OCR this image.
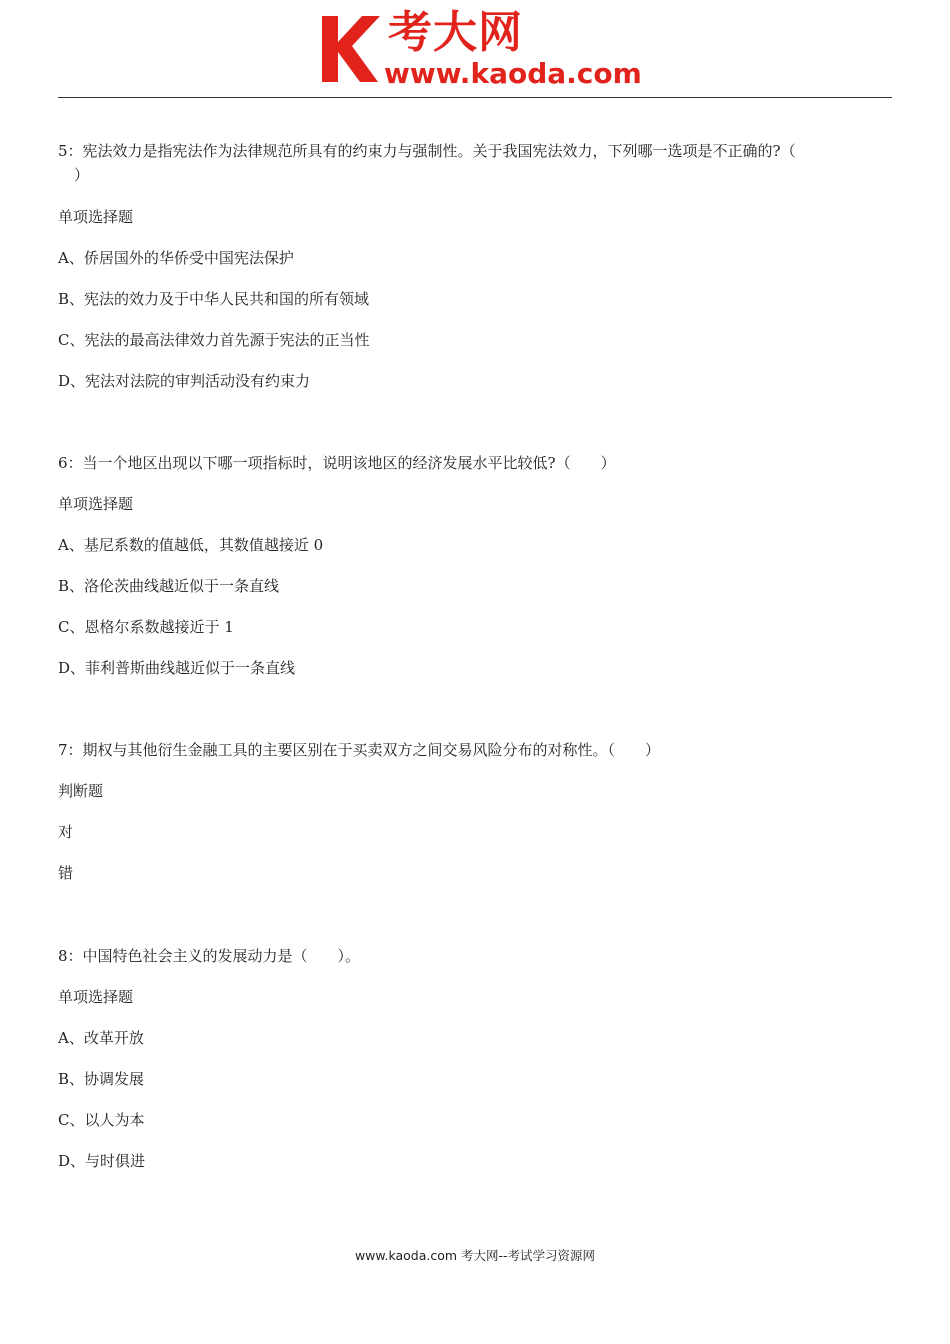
考大网
www.kaoda.com
5：宪法效力是指宪法作为法律规范所具有的约束力与强制性。关于我国宪法效力，下列哪一选项是不正确的?（
）
单项选择题
A、侨居国外的华侨受中国宪法保护
B、宪法的效力及于中华人民共和国的所有领域
C、宪法的最高法律效力首先源于宪法的正当性
D、宪法对法院的审判活动没有约束力
6：当一个地区出现以下哪一项指标时，说明该地区的经济发展水平比较低?（　　）
单项选择题
A、基尼系数的值越低，其数值越接近 0
B、洛伦茨曲线越近似于一条直线
C、恩格尔系数越接近于 1
D、菲利普斯曲线越近似于一条直线
7：期权与其他衍生金融工具的主要区别在于买卖双方之间交易风险分布的对称性。（　　）
判断题
对
错
8：中国特色社会主义的发展动力是（　　）。
单项选择题
A、改革开放
B、协调发展
C、以人为本
D、与时俱进
www.kaoda.com 考大网--考试学习资源网
